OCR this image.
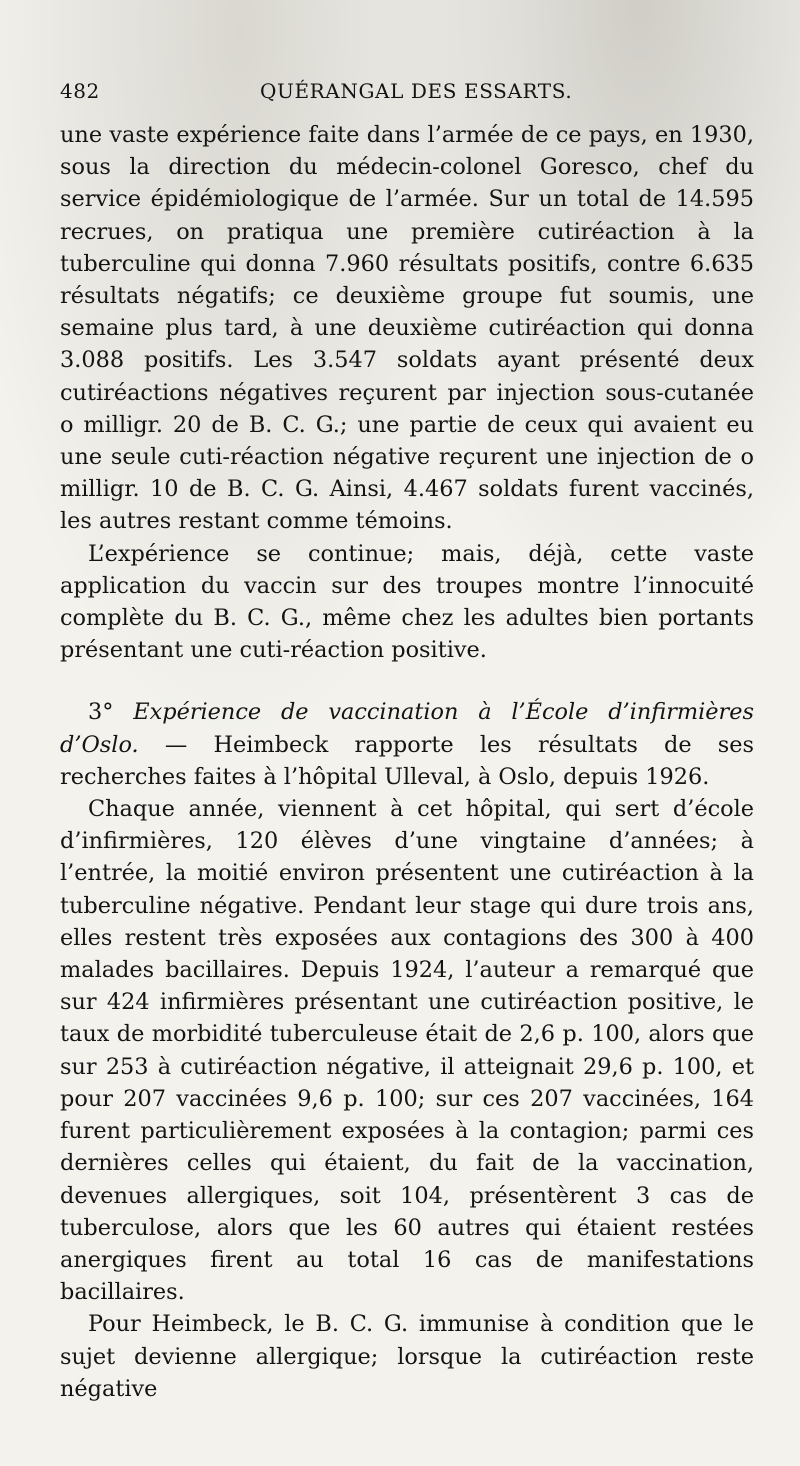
482	QUÉRANGAL DES ESSARTS.

une vaste expérience faite dans l’armée de ce pays, en 1930, sous la direction du médecin-colonel Goresco, chef du service épidémiologique de l’armée. Sur un total de 14.595 recrues, on pratiqua une première cutiréaction à la tuberculine qui donna 7.960 résultats positifs, contre 6.635 résultats négatifs; ce deuxième groupe fut soumis, une semaine plus tard, à une deuxième cutiréaction qui donna 3.088 positifs. Les 3.547 soldats ayant présenté deux cutiréactions négatives reçurent par injection sous-cutanée o milligr. 20 de B. C. G.; une partie de ceux qui avaient eu une seule cuti-réaction négative reçurent une injection de o milligr. 10 de B. C. G. Ainsi, 4.467 soldats furent vaccinés, les autres restant comme témoins.

L’expérience se continue; mais, déjà, cette vaste application du vaccin sur des troupes montre l’innocuité complète du B. C. G., même chez les adultes bien portants présentant une cuti-réaction positive.

3° Expérience de vaccination à l’École d’infirmières d’Oslo. — Heimbeck rapporte les résultats de ses recherches faites à l’hôpital Ulleval, à Oslo, depuis 1926.

Chaque année, viennent à cet hôpital, qui sert d’école d’infirmières, 120 élèves d’une vingtaine d’années; à l’entrée, la moitié environ présentent une cutiréaction à la tuberculine négative. Pendant leur stage qui dure trois ans, elles restent très exposées aux contagions des 300 à 400 malades bacillaires. Depuis 1924, l’auteur a remarqué que sur 424 infirmières présentant une cutiréaction positive, le taux de morbidité tuberculeuse était de 2,6 p. 100, alors que sur 253 à cutiréaction négative, il atteignait 29,6 p. 100, et pour 207 vaccinées 9,6 p. 100; sur ces 207 vaccinées, 164 furent particulièrement exposées à la contagion; parmi ces dernières celles qui étaient, du fait de la vaccination, devenues allergiques, soit 104, présentèrent 3 cas de tuberculose, alors que les 60 autres qui étaient restées anergiques firent au total 16 cas de manifestations bacillaires.

Pour Heimbeck, le B. C. G. immunise à condition que le sujet devienne allergique; lorsque la cutiréaction reste négative
